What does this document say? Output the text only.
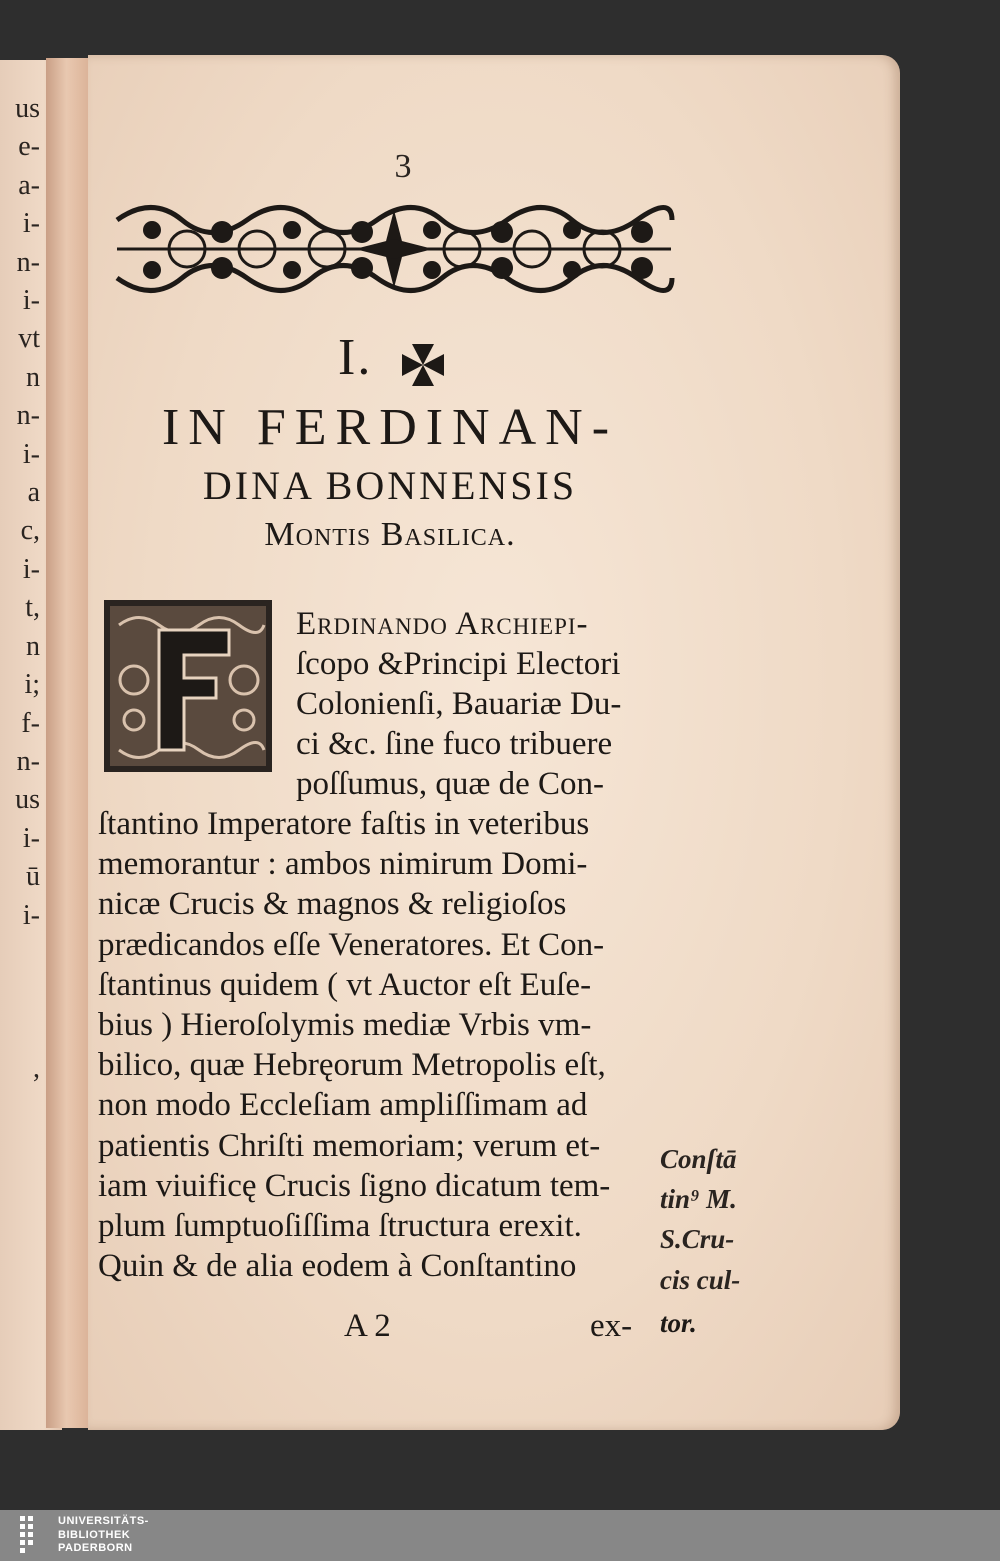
us
e-
a-
i-
n-
i-
vt
n
n-
i-
a
c,
i-
t,
n
i;
f-
n-
us
i-
ū
i-

,
3
I.
IN FERDINAN-
DINA BONNENSIS
Montis Basilica.
Erdinando Archiepi-
ſcopo &Principi Electori
Colonienſi, Bauariæ Du-
ci &c. ſine fuco tribuere
poſſumus, quæ de Con-
ſtantino Imperatore faſtis in veteribus
memorantur : ambos nimirum Domi-
nicæ Crucis & magnos & religioſos
prædicandos eſſe Veneratores. Et Con-
ſtantinus quidem ( vt Auctor eſt Euſe-
bius ) Hieroſolymis mediæ Vrbis vm-
bilico, quæ Hebręorum Metropolis eſt,
non modo Eccleſiam ampliſſimam ad
patientis Chriſti memoriam; verum et-
iam viuificę Crucis ſigno dicatum tem-
plum ſumptuoſiſſima ſtructura erexit.
Quin & de alia eodem à Conſtantino
Conſtā
tin⁹ M.
S.Cru-
cis cul-
A 2	ex- tor.
UNIVERSITÄTS-
BIBLIOTHEK
PADERBORN
